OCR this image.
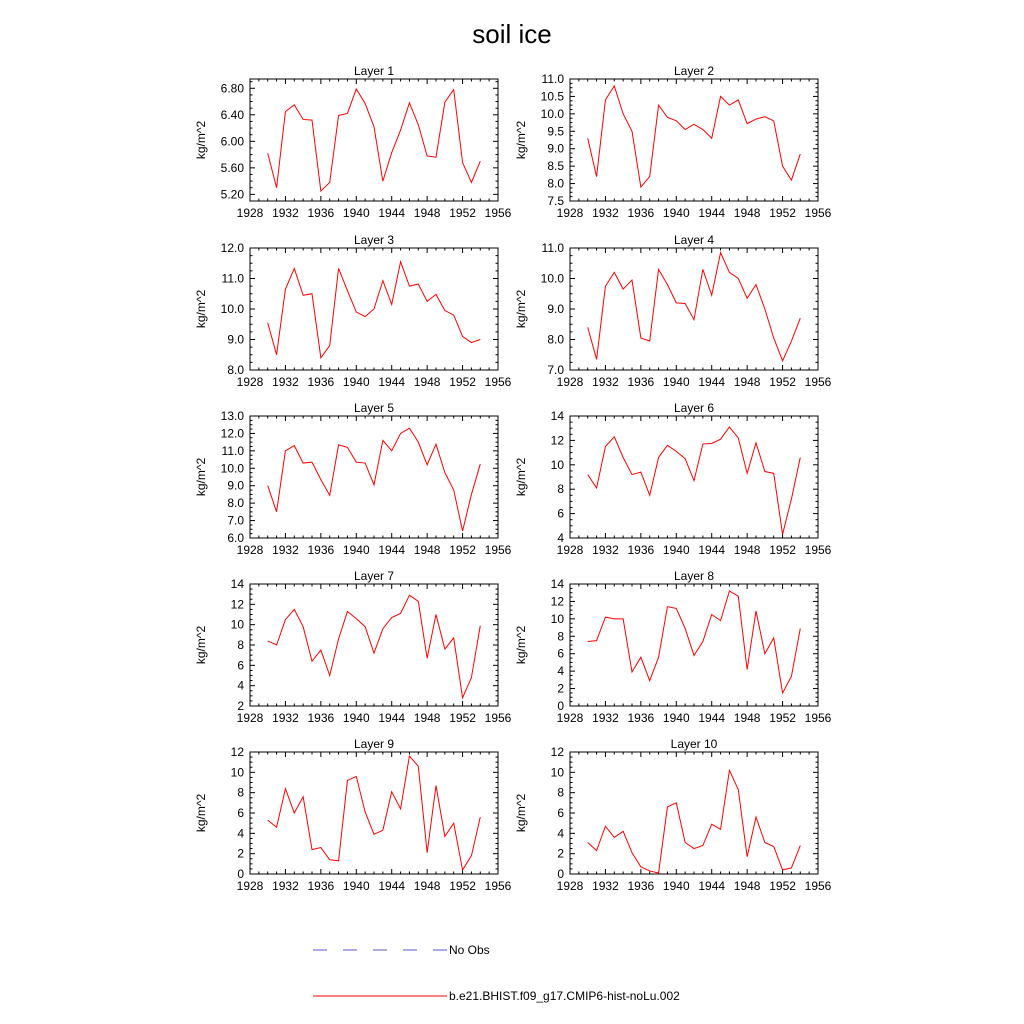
soil ice
Layer 1
kg/m^2
1928 1932 1936 1940 1944 1948 1952 1956
5.20
5.60
6.00
6.40
6.80
Layer 2
kg/m^2
1928 1932 1936 1940 1944 1948 1952 1956
7.5
8.0
8.5
9.0
9.5
10.0
10.5
11.0
Layer 3
kg/m^2
1928 1932 1936 1940 1944 1948 1952 1956
8.0
9.0
10.0
11.0
12.0
Layer 4
kg/m^2
1928 1932 1936 1940 1944 1948 1952 1956
7.0
8.0
9.0
10.0
11.0
Layer 5
kg/m^2
1928 1932 1936 1940 1944 1948 1952 1956
6.0
7.0
8.0
9.0
10.0
11.0
12.0
13.0
Layer 6
kg/m^2
1928 1932 1936 1940 1944 1948 1952 1956
4
6
8
10
12
14
Layer 7
kg/m^2
1928 1932 1936 1940 1944 1948 1952 1956
2
4
6
8
10
12
14
Layer 8
kg/m^2
1928 1932 1936 1940 1944 1948 1952 1956
0
2
4
6
8
10
12
14
Layer 9
kg/m^2
1928 1932 1936 1940 1944 1948 1952 1956
0
2
4
6
8
10
12
Layer 10
kg/m^2
1928 1932 1936 1940 1944 1948 1952 1956
0
2
4
6
8
10
12
No Obs
b.e21.BHIST.f09_g17.CMIP6-hist-noLu.002
